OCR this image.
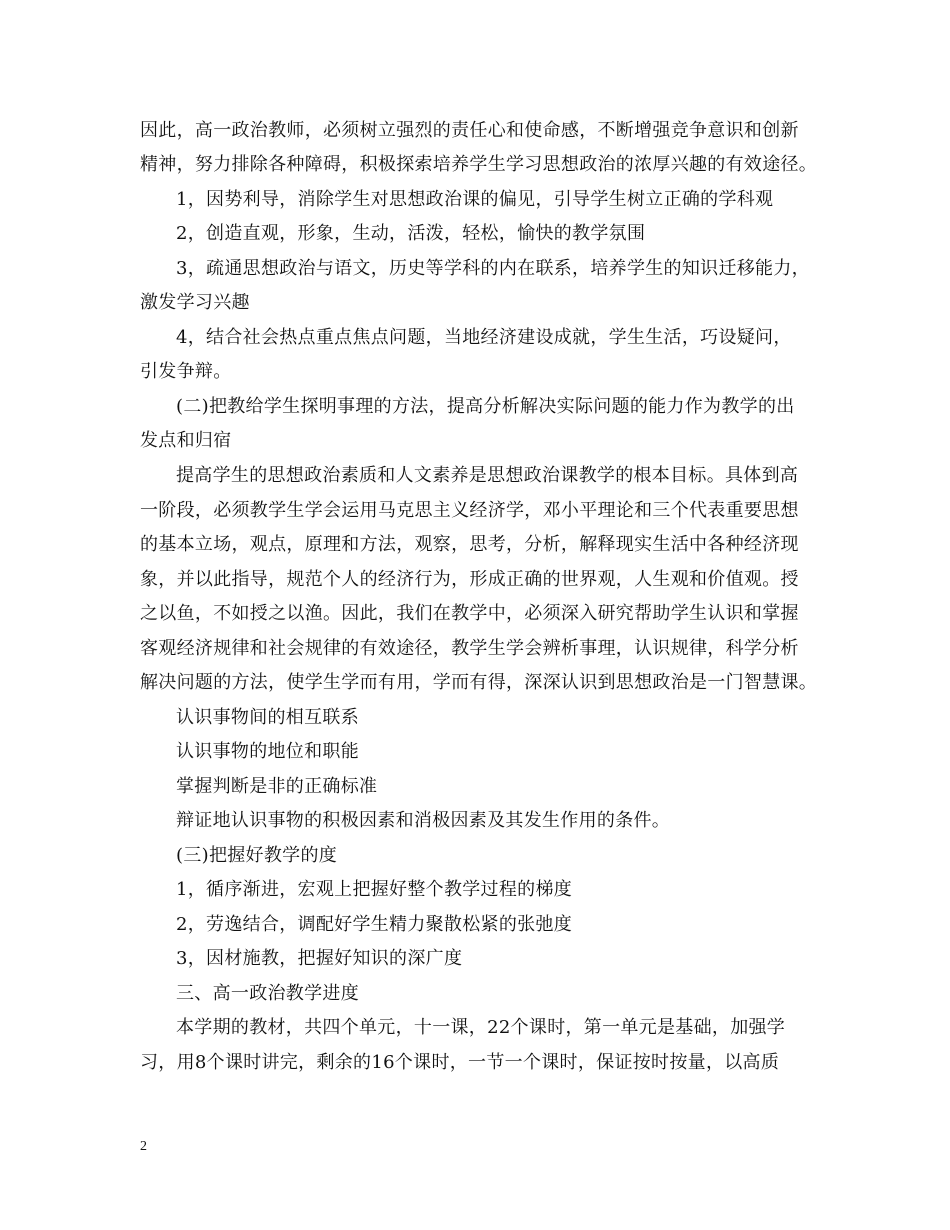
因此，高一政治教师，必须树立强烈的责任心和使命感，不断增强竞争意识和创新
精神，努力排除各种障碍，积极探索培养学生学习思想政治的浓厚兴趣的有效途径。
1，因势利导，消除学生对思想政治课的偏见，引导学生树立正确的学科观
2，创造直观，形象，生动，活泼，轻松，愉快的教学氛围
3，疏通思想政治与语文，历史等学科的内在联系，培养学生的知识迁移能力，
激发学习兴趣
4，结合社会热点重点焦点问题，当地经济建设成就，学生生活，巧设疑问，
引发争辩。
(二)把教给学生探明事理的方法，提高分析解决实际问题的能力作为教学的出
发点和归宿
提高学生的思想政治素质和人文素养是思想政治课教学的根本目标。具体到高
一阶段，必须教学生学会运用马克思主义经济学，邓小平理论和三个代表重要思想
的基本立场，观点，原理和方法，观察，思考，分析，解释现实生活中各种经济现
象，并以此指导，规范个人的经济行为，形成正确的世界观，人生观和价值观。授
之以鱼，不如授之以渔。因此，我们在教学中，必须深入研究帮助学生认识和掌握
客观经济规律和社会规律的有效途径，教学生学会辨析事理，认识规律，科学分析
解决问题的方法，使学生学而有用，学而有得，深深认识到思想政治是一门智慧课。
认识事物间的相互联系
认识事物的地位和职能
掌握判断是非的正确标准
辩证地认识事物的积极因素和消极因素及其发生作用的条件。
(三)把握好教学的度
1，循序渐进，宏观上把握好整个教学过程的梯度
2，劳逸结合，调配好学生精力聚散松紧的张弛度
3，因材施教，把握好知识的深广度
三、高一政治教学进度
本学期的教材，共四个单元，十一课，22个课时，第一单元是基础，加强学
习，用8个课时讲完，剩余的16个课时，一节一个课时，保证按时按量，以高质
2
